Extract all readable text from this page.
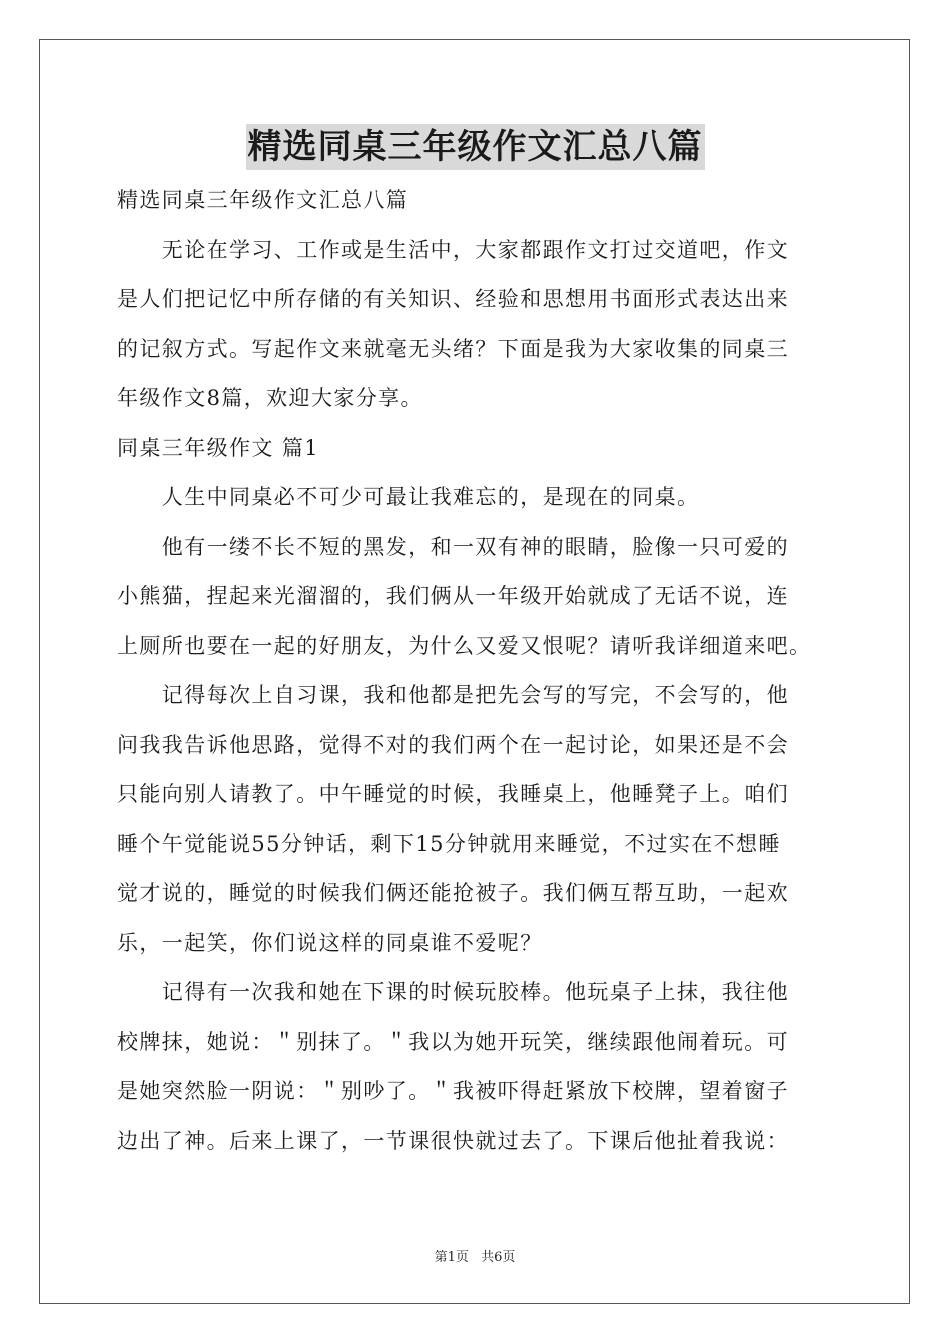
精选同桌三年级作文汇总八篇

精选同桌三年级作文汇总八篇

　　无论在学习、工作或是生活中，大家都跟作文打过交道吧，作文

是人们把记忆中所存储的有关知识、经验和思想用书面形式表达出来

的记叙方式。写起作文来就毫无头绪？下面是我为大家收集的同桌三

年级作文8篇，欢迎大家分享。

同桌三年级作文 篇1

　　人生中同桌必不可少可最让我难忘的，是现在的同桌。

　　他有一缕不长不短的黑发，和一双有神的眼睛，脸像一只可爱的

小熊猫，捏起来光溜溜的，我们俩从一年级开始就成了无话不说，连

上厕所也要在一起的好朋友，为什么又爱又恨呢？请听我详细道来吧。

　　记得每次上自习课，我和他都是把先会写的写完，不会写的，他

问我我告诉他思路，觉得不对的我们两个在一起讨论，如果还是不会

只能向别人请教了。中午睡觉的时候，我睡桌上，他睡凳子上。咱们

睡个午觉能说55分钟话，剩下15分钟就用来睡觉，不过实在不想睡

觉才说的，睡觉的时候我们俩还能抢被子。我们俩互帮互助，一起欢

乐，一起笑，你们说这样的同桌谁不爱呢？

　　记得有一次我和她在下课的时候玩胶棒。他玩桌子上抹，我往他

校牌抹，她说：＂别抹了。＂我以为她开玩笑，继续跟他闹着玩。可

是她突然脸一阴说：＂别吵了。＂我被吓得赶紧放下校牌，望着窗子

边出了神。后来上课了，一节课很快就过去了。下课后他扯着我说：

第1页 共6页
